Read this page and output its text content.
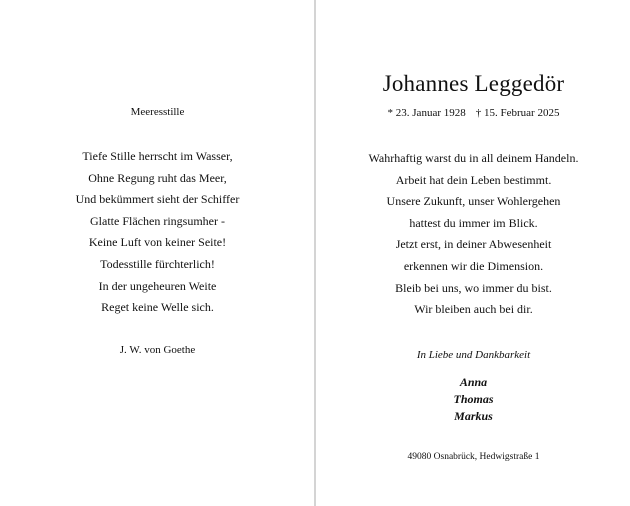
Meeresstille
Tiefe Stille herrscht im Wasser,
Ohne Regung ruht das Meer,
Und bekümmert sieht der Schiffer
Glatte Flächen ringsumher -
Keine Luft von keiner Seite!
Todesstille fürchterlich!
In der ungeheuren Weite
Reget keine Welle sich.
J. W. von Goethe
Johannes Leggedör
* 23. Januar 1928 † 15. Februar 2025
Wahrhaftig warst du in all deinem Handeln.
Arbeit hat dein Leben bestimmt.
Unsere Zukunft, unser Wohlergehen
hattest du immer im Blick.
Jetzt erst, in deiner Abwesenheit
erkennen wir die Dimension.
Bleib bei uns, wo immer du bist.
Wir bleiben auch bei dir.
In Liebe und Dankbarkeit
Anna
Thomas
Markus
49080 Osnabrück, Hedwigstraße 1
